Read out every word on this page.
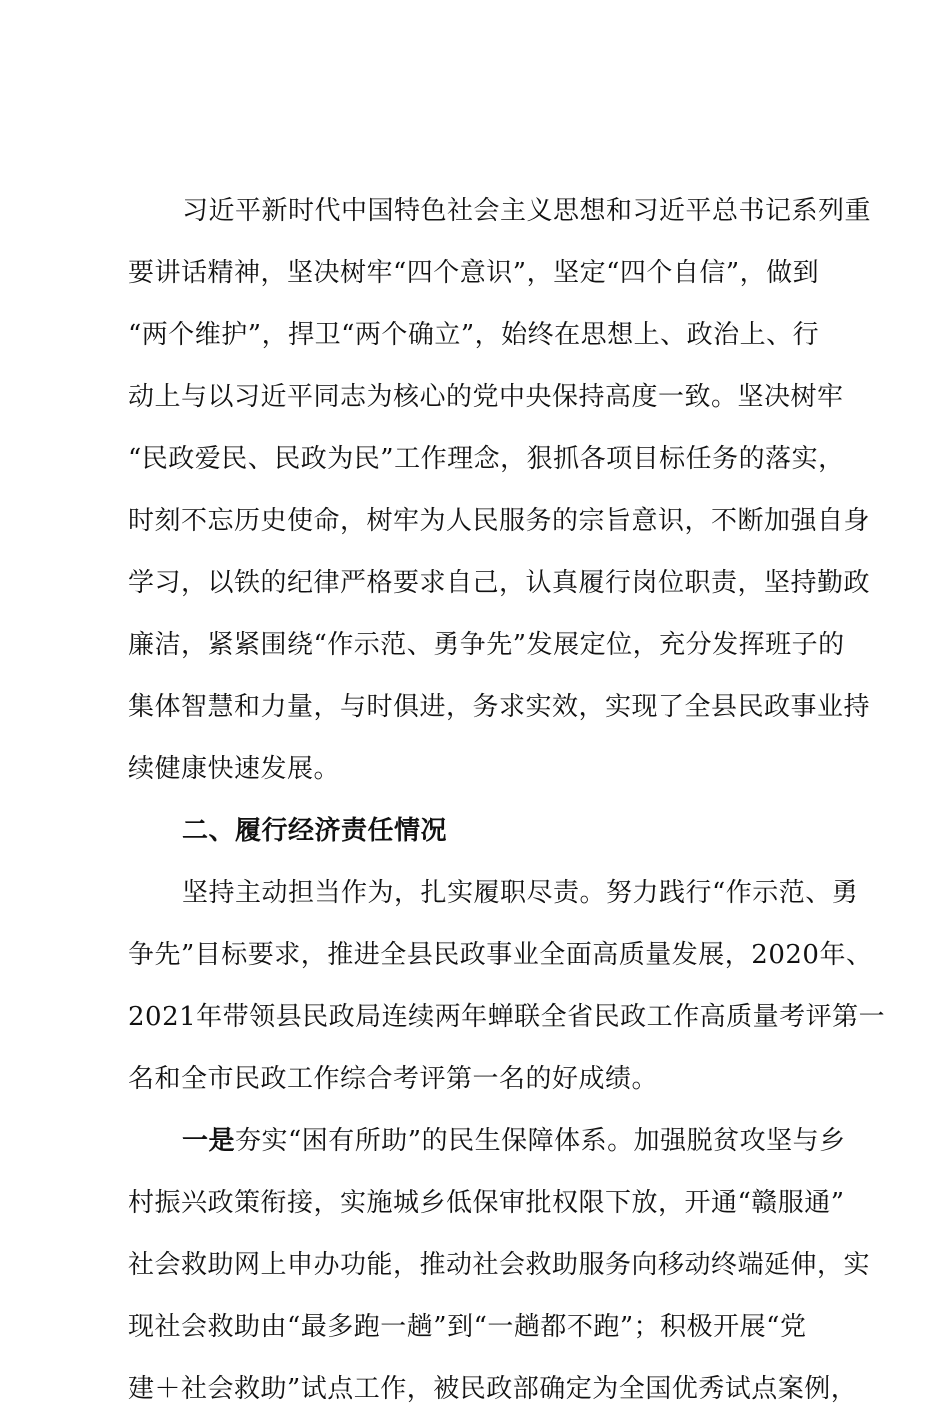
习近平新时代中国特色社会主义思想和习近平总书记系列重
要讲话精神，坚决树牢“四个意识”，坚定“四个自信”，做到
“两个维护”，捍卫“两个确立”，始终在思想上、政治上、行
动上与以习近平同志为核心的党中央保持高度一致。坚决树牢
“民政爱民、民政为民”工作理念，狠抓各项目标任务的落实，
时刻不忘历史使命，树牢为人民服务的宗旨意识，不断加强自身
学习，以铁的纪律严格要求自己，认真履行岗位职责，坚持勤政
廉洁，紧紧围绕“作示范、勇争先”发展定位，充分发挥班子的
集体智慧和力量，与时俱进，务求实效，实现了全县民政事业持
续健康快速发展。
二、履行经济责任情况
坚持主动担当作为，扎实履职尽责。努力践行“作示范、勇
争先”目标要求，推进全县民政事业全面高质量发展，2020年、
2021年带领县民政局连续两年蝉联全省民政工作高质量考评第一
名和全市民政工作综合考评第一名的好成绩。
一是夯实“困有所助”的民生保障体系。加强脱贫攻坚与乡
村振兴政策衔接，实施城乡低保审批权限下放，开通“赣服通”
社会救助网上申办功能，推动社会救助服务向移动终端延伸，实
现社会救助由“最多跑一趟”到“一趟都不跑”；积极开展“党
建＋社会救助”试点工作，被民政部确定为全国优秀试点案例，
